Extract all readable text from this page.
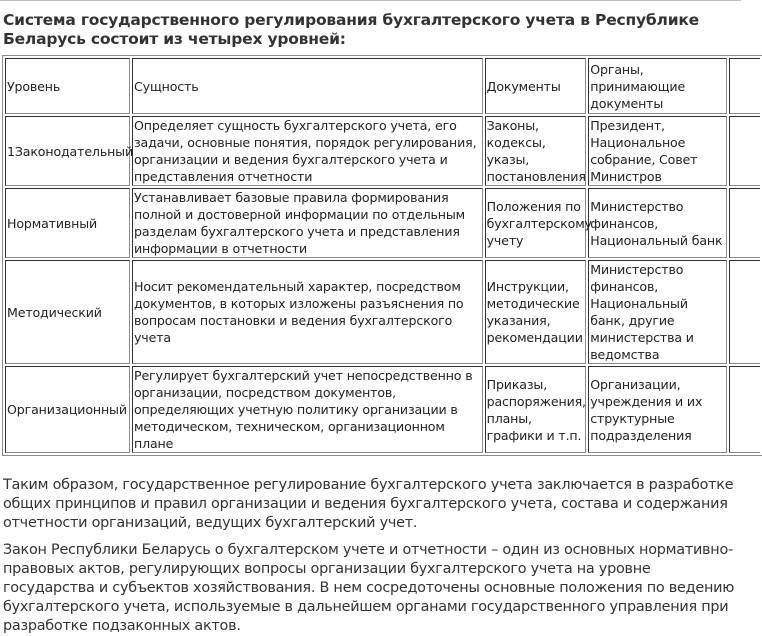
Система государственного регулирования бухгалтерского учета в Республике Беларусь состоит из четырех уровней:
Уровень	Сущность	Документы	Органы, принимающие документы	
1Законодательный	Определяет сущность бухгалтерского учета, его задачи, основные понятия, порядок регулирования, организации и ведения бухгалтерского учета и представления отчетности	Законы, кодексы, указы, постановления	Президент, Национальное собрание, Совет Министров	
Нормативный	Устанавливает базовые правила формирования полной и достоверной информации по отдельным разделам бухгалтерского учета и представления информации в отчетности	Положения по бухгалтерскому учету	Министерство финансов, Национальный банк	
Методический	Носит рекомендательный характер, посредством документов, в которых изложены разъяснения по вопросам постановки и ведения бухгалтерского учета	Инструкции, методические указания, рекомендации	Министерство финансов, Национальный банк, другие министерства и ведомства	
Организационный	Регулирует бухгалтерский учет непосредственно в организации, посредством документов, определяющих учетную политику организации в методическом, техническом, организационном плане	Приказы, распоряжения, планы, графики и т.п.	Организации, учреждения и их структурные подразделения	

Таким образом, государственное регулирование бухгалтерского учета заключается в разработке общих принципов и правил организации и ведения бухгалтерского учета, состава и содержания отчетности организаций, ведущих бухгалтерский учет.

Закон Республики Беларусь о бухгалтерском учете и отчетности – один из основных нормативно-правовых актов, регулирующих вопросы организации бухгалтерского учета на уровне государства и субъектов хозяйствования. В нем сосредоточены основные положения по ведению бухгалтерского учета, используемые в дальнейшем органами государственного управления при разработке подзаконных актов.
